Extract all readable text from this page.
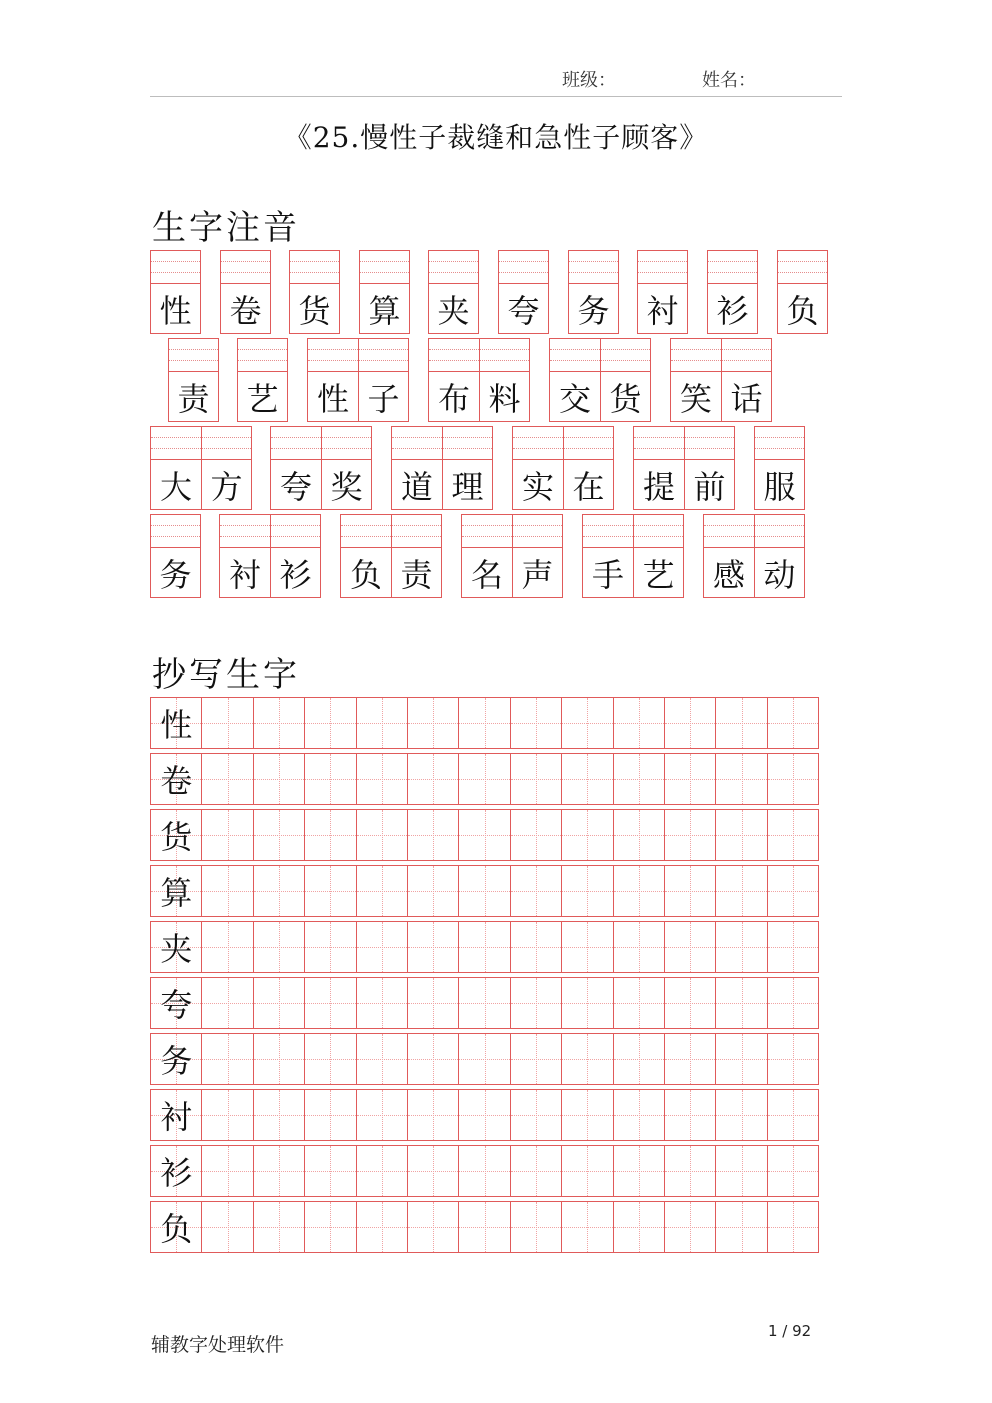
班级：	姓名：
《25.慢性子裁缝和急性子顾客》
生字注音
性 卷 货 算 夹 夸 务 衬 衫 负
责 艺 性 子 布 料 交 货 笑 话
大 方 夸 奖 道 理 实 在 提 前 服
务 衬 衫 负 责 名 声 手 艺 感 动
抄写生字
性
卷
货
算
夹
夸
务
衬
衫
负
辅教字处理软件
1 / 92
